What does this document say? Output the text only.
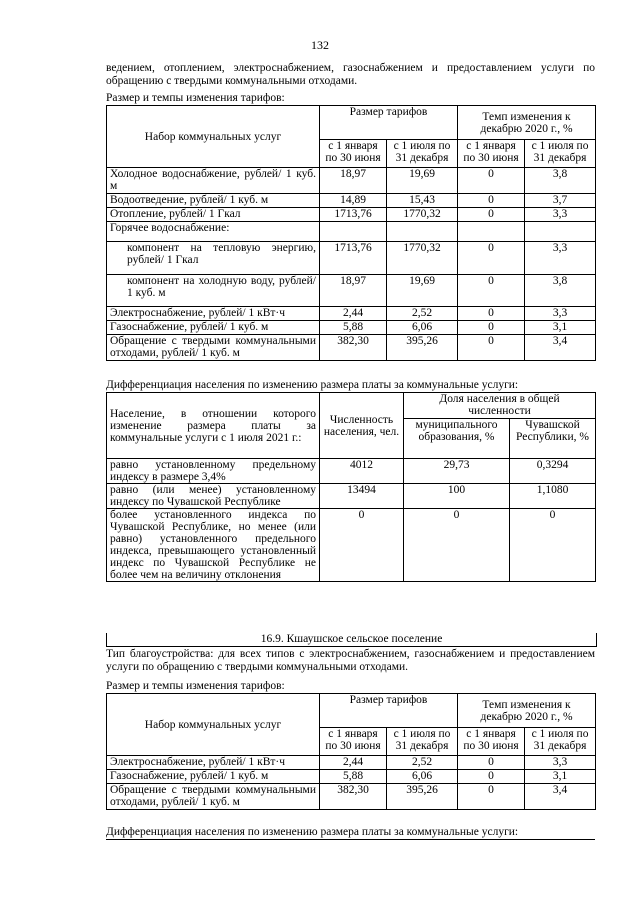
132
ведением, отоплением, электроснабжением, газоснабжением и предоставлением услуги по обращению с твердыми коммунальными отходами.
Размер и темпы изменения тарифов:
Набор коммунальных услуг	Размер тарифов		Темп изменения к декабрю 2020 г., %	
	с 1 января по 30 июня	с 1 июля по 31 декабря	с 1 января по 30 июня	с 1 июля по 31 декабря
Холодное водоснабжение, рублей/ 1 куб. м	18,97	19,69	0	3,8
Водоотведение, рублей/ 1 куб. м	14,89	15,43	0	3,7
Отопление, рублей/ 1 Гкал	1713,76	1770,32	0	3,3
Горячее водоснабжение:				
компонент на тепловую энергию, рублей/ 1 Гкал	1713,76	1770,32	0	3,3
компонент на холодную воду, рублей/ 1 куб. м	18,97	19,69	0	3,8
Электроснабжение, рублей/ 1 кВт·ч	2,44	2,52	0	3,3
Газоснабжение, рублей/ 1 куб. м	5,88	6,06	0	3,1
Обращение с твердыми коммунальными отходами, рублей/ 1 куб. м	382,30	395,26	0	3,4
Дифференциация населения по изменению размера платы за коммунальные услуги:
Население, в отношении которого изменение размера платы за коммунальные услуги с 1 июля 2021 г.:	Численность населения, чел.	Доля населения в общей численности	
		муниципального образования, %	Чувашской Республики, %
равно установленному предельному индексу в размере 3,4%	4012	29,73	0,3294
равно (или менее) установленному индексу по Чувашской Республике	13494	100	1,1080
более установленного индекса по Чувашской Республике, но менее (или равно) установленного предельного индекса, превышающего установленный индекс по Чувашской Республике не более чем на величину отклонения	0	0	0
16.9. Кшаушское сельское поселение
Тип благоустройства: для всех типов с электроснабжением, газоснабжением и предоставлением услуги по обращению с твердыми коммунальными отходами.
Размер и темпы изменения тарифов:
Набор коммунальных услуг	Размер тарифов		Темп изменения к декабрю 2020 г., %	
	с 1 января по 30 июня	с 1 июля по 31 декабря	с 1 января по 30 июня	с 1 июля по 31 декабря
Электроснабжение, рублей/ 1 кВт·ч	2,44	2,52	0	3,3
Газоснабжение, рублей/ 1 куб. м	5,88	6,06	0	3,1
Обращение с твердыми коммунальными отходами, рублей/ 1 куб. м	382,30	395,26	0	3,4
Дифференциация населения по изменению размера платы за коммунальные услуги:
